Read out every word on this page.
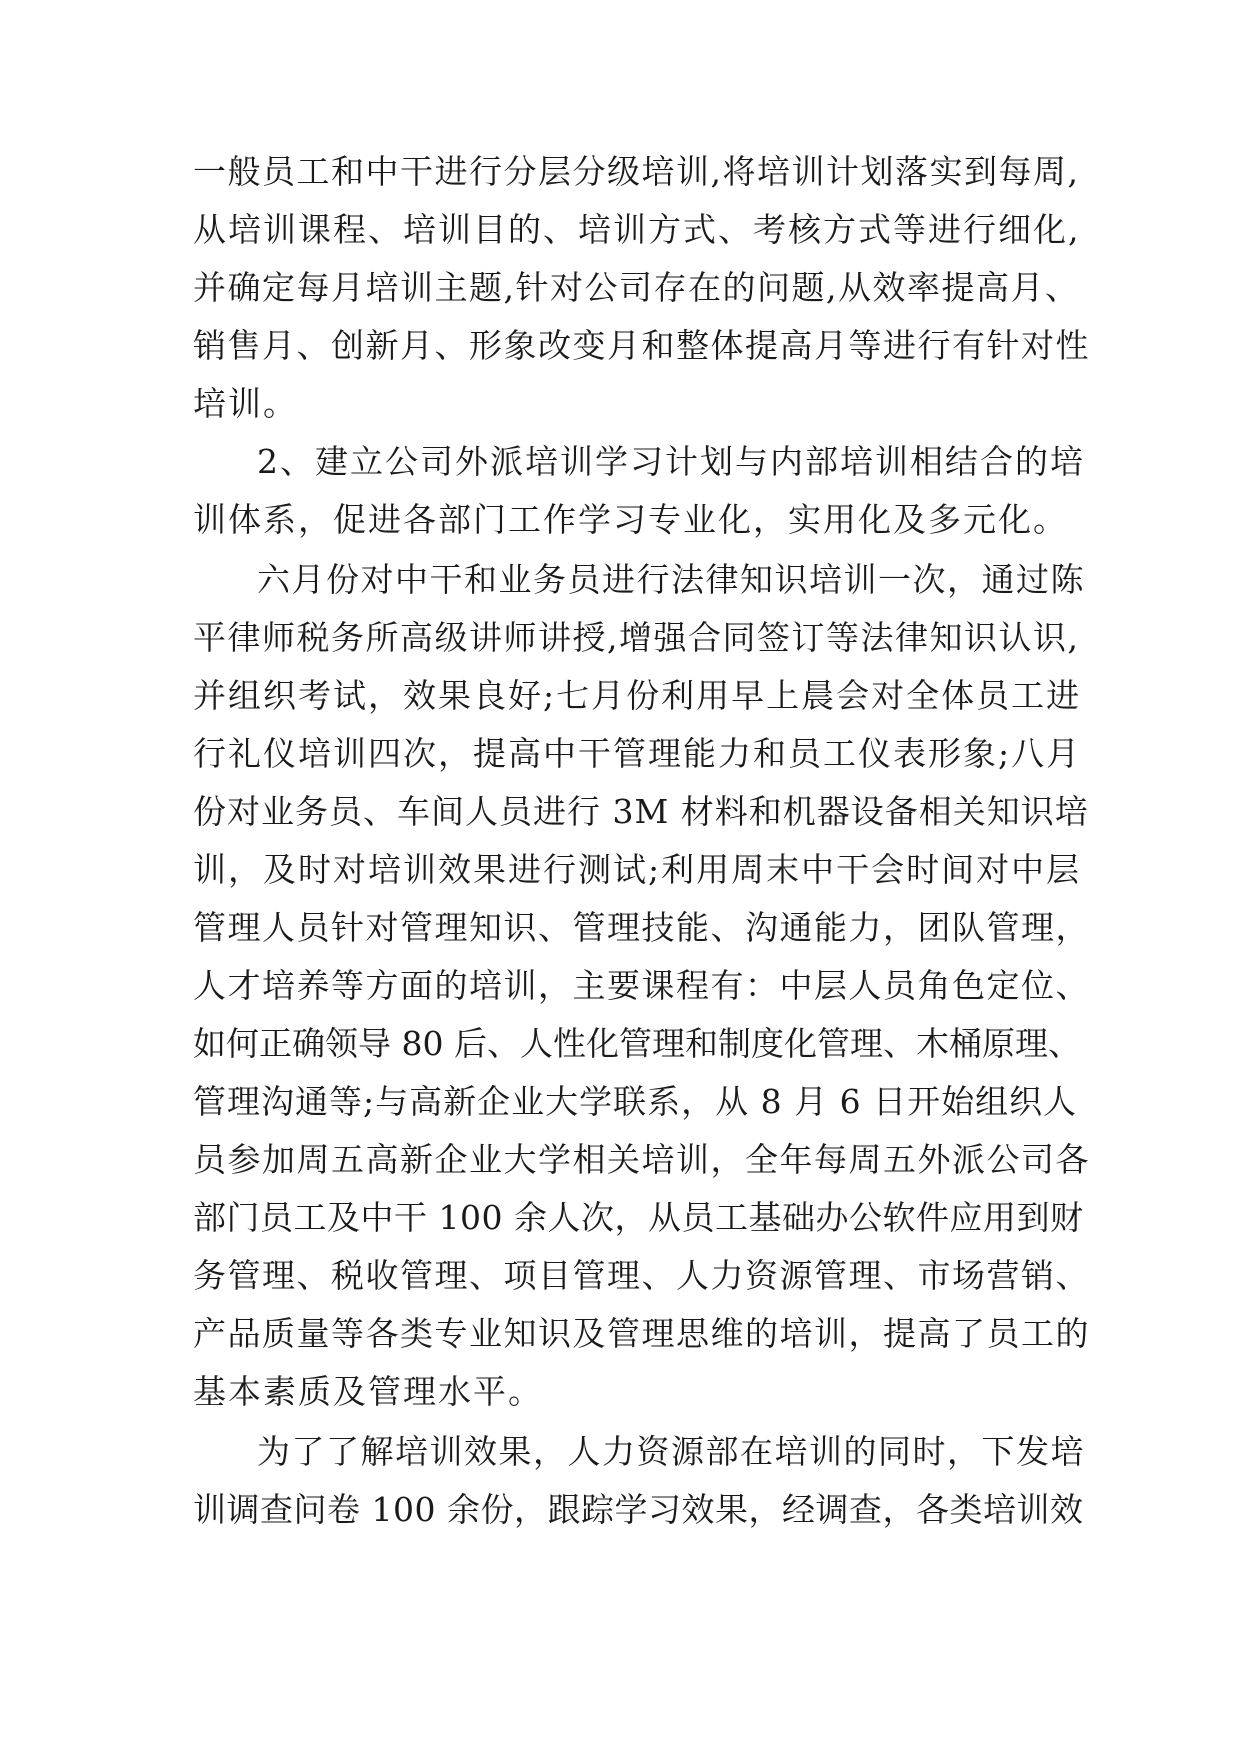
一般员工和中干进行分层分级培训,将培训计划落实到每周,
从培训课程、培训目的、培训方式、考核方式等进行细化,
并确定每月培训主题,针对公司存在的问题,从效率提高月、
销售月、创新月、形象改变月和整体提高月等进行有针对性
培训。
2、建立公司外派培训学习计划与内部培训相结合的培
训体系，促进各部门工作学习专业化，实用化及多元化。
六月份对中干和业务员进行法律知识培训一次，通过陈
平律师税务所高级讲师讲授,增强合同签订等法律知识认识,
并组织考试，效果良好;七月份利用早上晨会对全体员工进
行礼仪培训四次，提高中干管理能力和员工仪表形象;八月
份对业务员、车间人员进行 3M 材料和机器设备相关知识培
训，及时对培训效果进行测试;利用周末中干会时间对中层
管理人员针对管理知识、管理技能、沟通能力，团队管理，
人才培养等方面的培训，主要课程有：中层人员角色定位、
如何正确领导 80 后、人性化管理和制度化管理、木桶原理、
管理沟通等;与高新企业大学联系，从 8 月 6 日开始组织人
员参加周五高新企业大学相关培训，全年每周五外派公司各
部门员工及中干 100 余人次，从员工基础办公软件应用到财
务管理、税收管理、项目管理、人力资源管理、市场营销、
产品质量等各类专业知识及管理思维的培训，提高了员工的
基本素质及管理水平。
为了了解培训效果，人力资源部在培训的同时，下发培
训调查问卷 100 余份，跟踪学习效果，经调查，各类培训效
